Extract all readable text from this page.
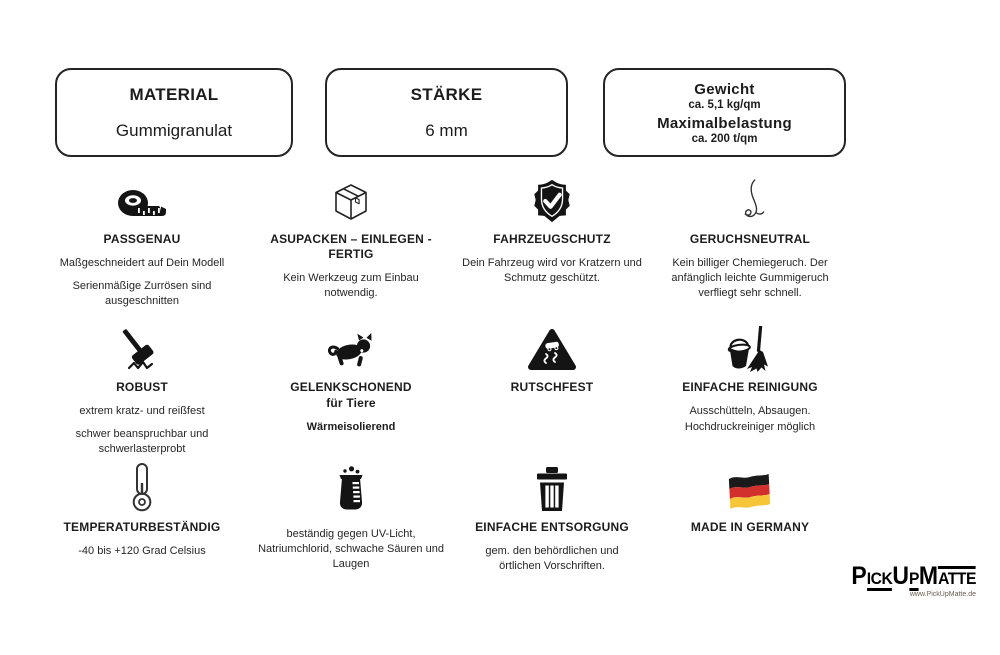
MATERIAL
Gummigranulat
STÄRKE
6 mm
Gewicht
ca. 5,1 kg/qm
Maximalbelastung
ca. 200 t/qm
PASSGENAU

Maßgeschneidert auf Dein Modell

Serienmäßige Zurrösen sind ausgeschnitten

ASUPACKEN – EINLEGEN - FERTIG

Kein Werkzeug zum Einbau notwendig.

FAHRZEUGSCHUTZ

Dein Fahrzeug wird vor Kratzern und Schmutz geschützt.

GERUCHSNEUTRAL

Kein billiger Chemiegeruch. Der anfänglich leichte Gummigeruch verfliegt sehr schnell.

ROBUST

extrem kratz- und reißfest

schwer beanspruchbar und schwerlasterprobt

GELENKSCHONEND
für Tiere

Wärmeisolierend

RUTSCHFEST	EINFACHE REINIGUNG

Ausschütteln, Absaugen.

Hochdruckreiniger möglich

TEMPERATURBESTÄNDIG

-40 bis +120 Grad Celsius

beständig gegen UV-Licht, Natriumchlorid, schwache Säuren und Laugen

EINFACHE ENTSORGUNG

gem. den behördlichen und örtlichen Vorschriften.

MADE IN GERMANY
PICKUPMATTE
www.PickUpMatte.de
